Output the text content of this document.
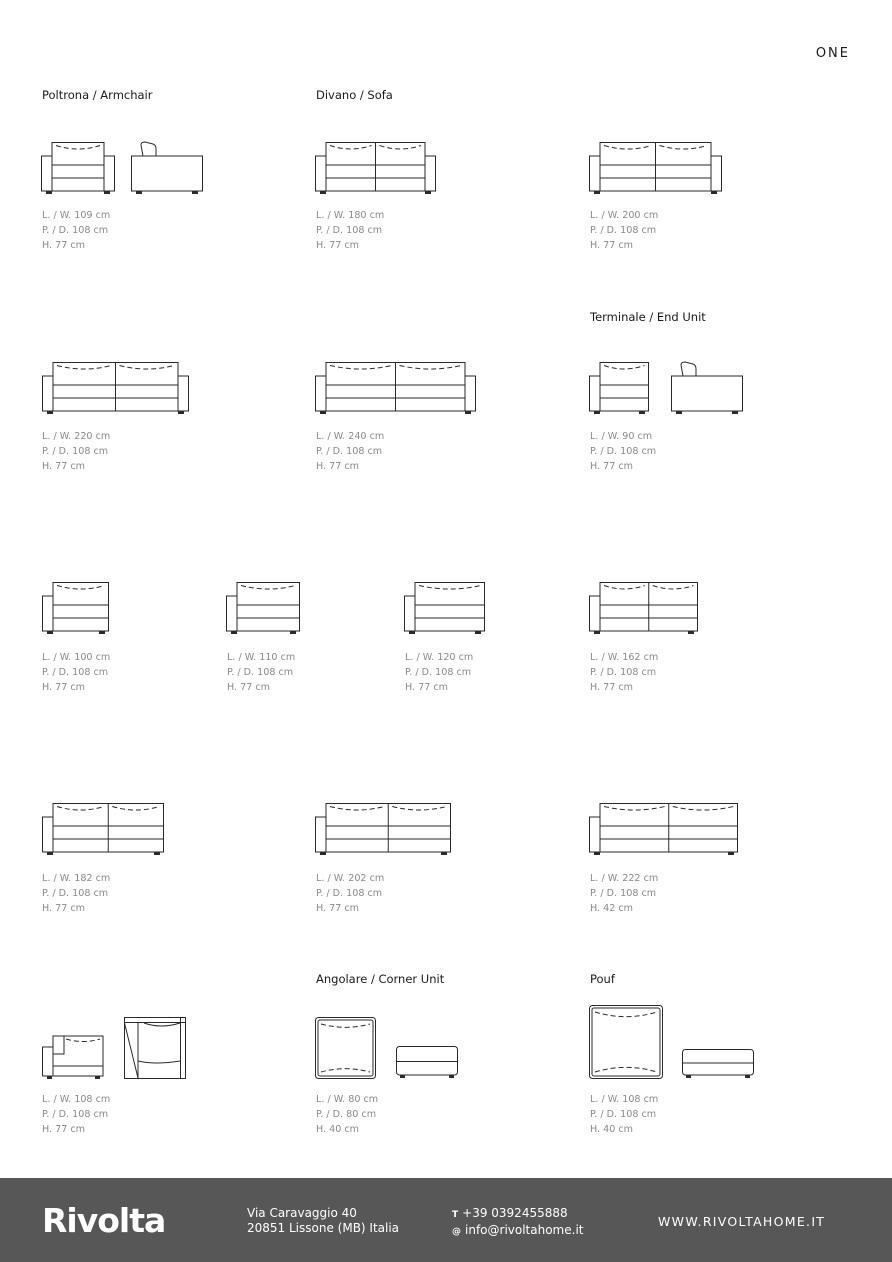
ONE
Poltrona / Armchair	Divano / Sofa
Terminale / End Unit
Angolare / Corner Unit	Pouf
L. / W. 109 cm
P. / D. 108 cm
H. 77 cm
L. / W. 180 cm
P. / D. 108 cm
H. 77 cm
L. / W. 200 cm
P. / D. 108 cm
H. 77 cm
L. / W. 220 cm
P. / D. 108 cm
H. 77 cm
L. / W. 240 cm
P. / D. 108 cm
H. 77 cm
L. / W. 90 cm
P. / D. 108 cm
H. 77 cm
L. / W. 100 cm
P. / D. 108 cm
H. 77 cm
L. / W. 110 cm
P. / D. 108 cm
H. 77 cm
L. / W. 120 cm
P. / D. 108 cm
H. 77 cm
L. / W. 162 cm
P. / D. 108 cm
H. 77 cm
L. / W. 182 cm
P. / D. 108 cm
H. 77 cm
L. / W. 202 cm
P. / D. 108 cm
H. 77 cm
L. / W. 222 cm
P. / D. 108 cm
H. 42 cm
L. / W. 108 cm
P. / D. 108 cm
H. 77 cm
L. / W. 80 cm
P. / D. 80 cm
H. 40 cm
L. / W. 108 cm
P. / D. 108 cm
H. 40 cm
Rivolta	Via Caravaggio 40
20851 Lissone (MB) Italia
T +39 0392455888
@ info@rivoltahome.it
WWW.RIVOLTAHOME.IT
